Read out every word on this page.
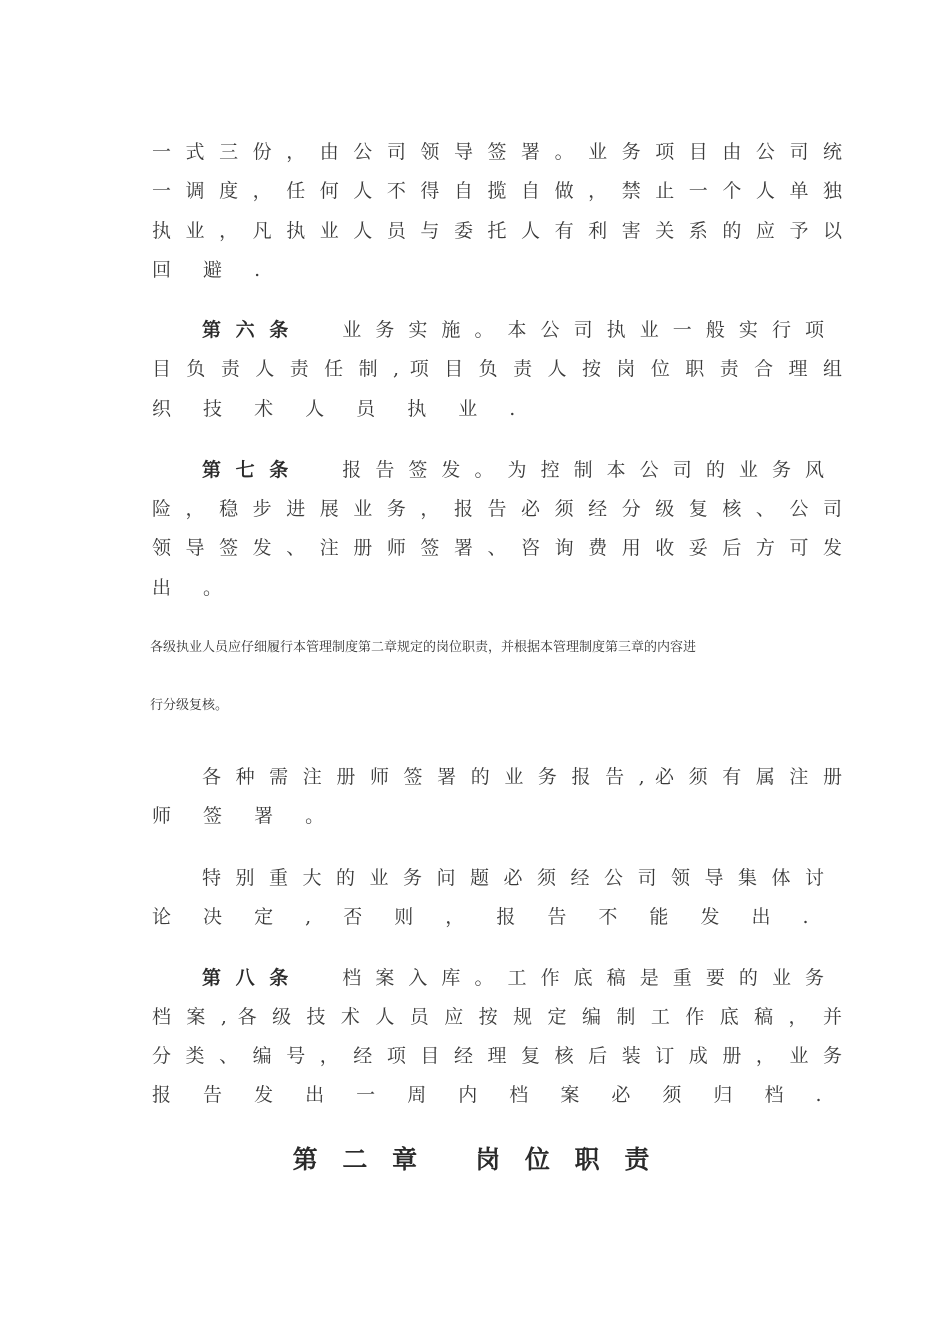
一 式 三 份 ， 由 公 司 领 导 签 署 。 业 务 项 目 由 公 司 统
一 调 度 ， 任 何 人 不 得 自 揽 自 做 ， 禁 止 一 个 人 单 独
执 业 ， 凡 执 业 人 员 与 委 托 人 有 利 害 关 系 的 应 予 以
回 避 .
第 六 条 业 务 实 施 。 本 公 司 执 业 一 般 实 行 项
目 负 责 人 责 任 制 , 项 目 负 责 人 按 岗 位 职 责 合 理 组
织 技 术 人 员 执 业 .
第 七 条 报 告 签 发 。 为 控 制 本 公 司 的 业 务 风
险 ， 稳 步 进 展 业 务 ， 报 告 必 须 经 分 级 复 核 、 公 司
领 导 签 发 、 注 册 师 签 署 、 咨 询 费 用 收 妥 后 方 可 发
出 。
各级执业人员应仔细履行本管理制度第二章规定的岗位职责，并根据本管理制度第三章的内容进
行分级复核。
各 种 需 注 册 师 签 署 的 业 务 报 告 , 必 须 有 属 注 册
师 签 署 。
特 别 重 大 的 业 务 问 题 必 须 经 公 司 领 导 集 体 讨
论 决 定 , 否 则 ， 报 告 不 能 发 出 .
第 八 条 档 案 入 库 。 工 作 底 稿 是 重 要 的 业 务
档 案 , 各 级 技 术 人 员 应 按 规 定 编 制 工 作 底 稿 ， 并
分 类 、 编 号 ， 经 项 目 经 理 复 核 后 装 订 成 册 ， 业 务
报 告 发 出 一 周 内 档 案 必 须 归 档 .
第 二 章 岗 位 职 责
